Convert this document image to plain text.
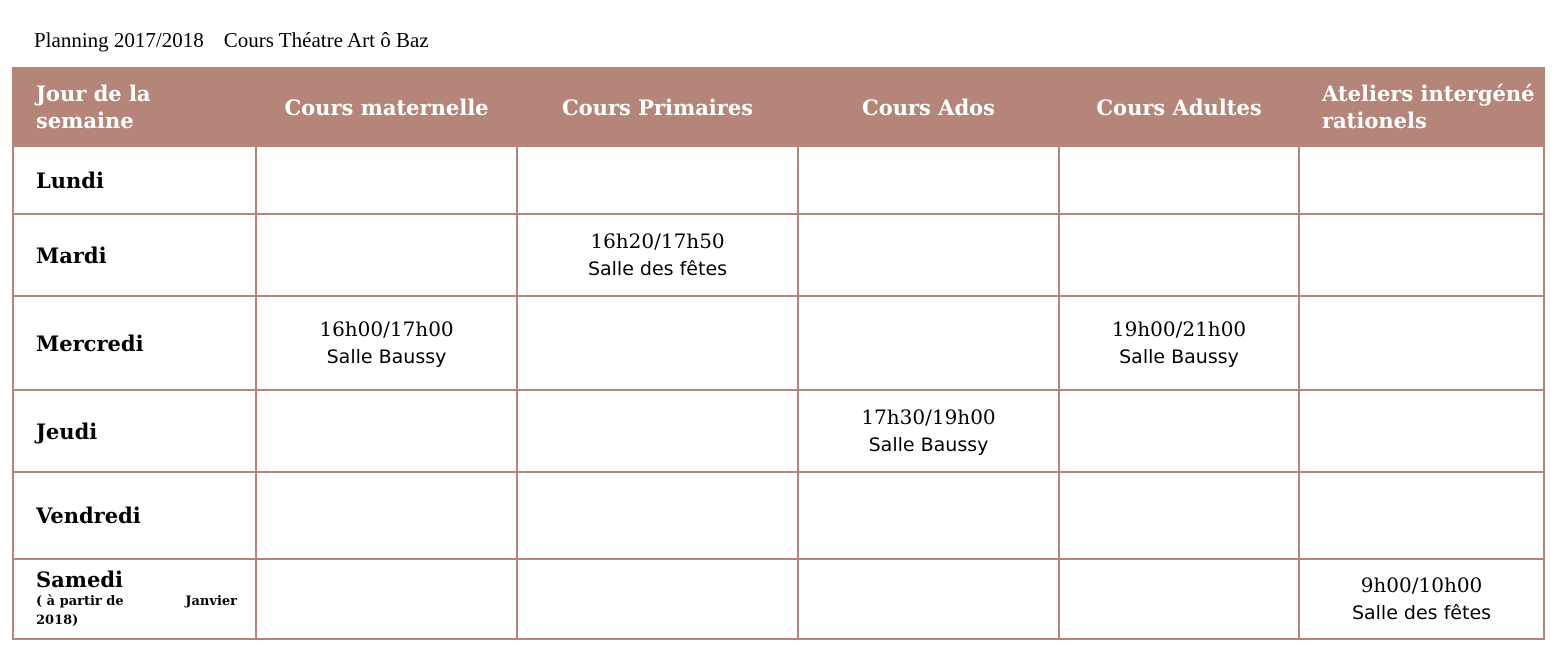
Planning 2017/2018 Cours Théatre Art ô Baz
Jour de la semaine	Cours maternelle	Cours Primaires	Cours Ados	Cours Adultes	Ateliers intergénérationels
Lundi					
Mardi		16h20/17h50
Salle des fêtes			

Mercredi	16h00/17h00
Salle Baussy			19h00/21h00
Salle Baussy	

Jeudi			17h30/19h00
Salle Baussy		

Vendredi					

Samedi
( à partir de Janvier
2018)					9h00/10h00
Salle des fêtes
